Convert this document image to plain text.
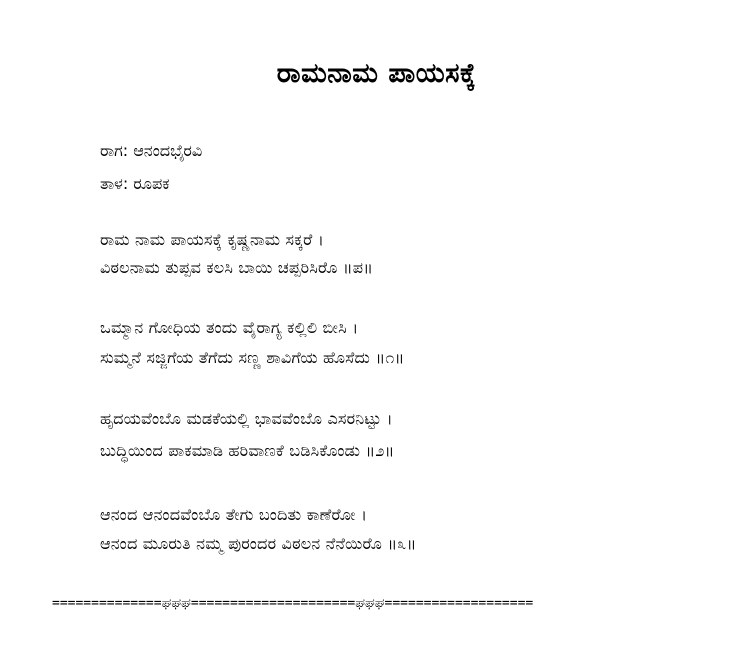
ರಾಮನಾಮ ಪಾಯಸಕ್ಕೆ
ರಾಗ: ಆನಂದಭೈರವಿ
ತಾಳ: ರೂಪಕ
ರಾಮ ನಾಮ ಪಾಯಸಕ್ಕೆ ಕೃಷ್ಣನಾಮ ಸಕ್ಕರೆ ।
ವಿಠಲನಾಮ ತುಪ್ಪವ ಕಲಸಿ ಬಾಯಿ ಚಪ್ಪರಿಸಿರೊ ॥ಪ॥
ಒಮ್ಮಾನ ಗೋಧಿಯ ತಂದು ವೈರಾಗ್ಯ ಕಲ್ಲಿಲಿ ಬೀಸಿ ।
ಸುಮ್ಮನೆ ಸಜ್ಜಿಗೆಯ ತೆಗೆದು ಸಣ್ಣ ಶಾವಿಗೆಯ ಹೊಸೆದು ॥೧॥
ಹೃದಯವೆಂಬೊ ಮಡಕೆಯಲ್ಲಿ ಭಾವವೆಂಬೊ ಎಸರನಿಟ್ಟು ।
ಬುದ್ಧಿಯಿಂದ ಪಾಕಮಾಡಿ ಹರಿವಾಣಕೆ ಬಡಿಸಿಕೊಂಡು ॥೨॥
ಆನಂದ ಆನಂದವೆಂಬೊ ತೇಗು ಬಂದಿತು ಕಾಣೆರೋ ।
ಆನಂದ ಮೂರುತಿ ನಮ್ಮ ಪುರಂದರ ವಿಠಲನ ನೆನೆಯಿರೊ ॥೩॥
==============ಘಘಘ=====================ಘಘಘ===================
